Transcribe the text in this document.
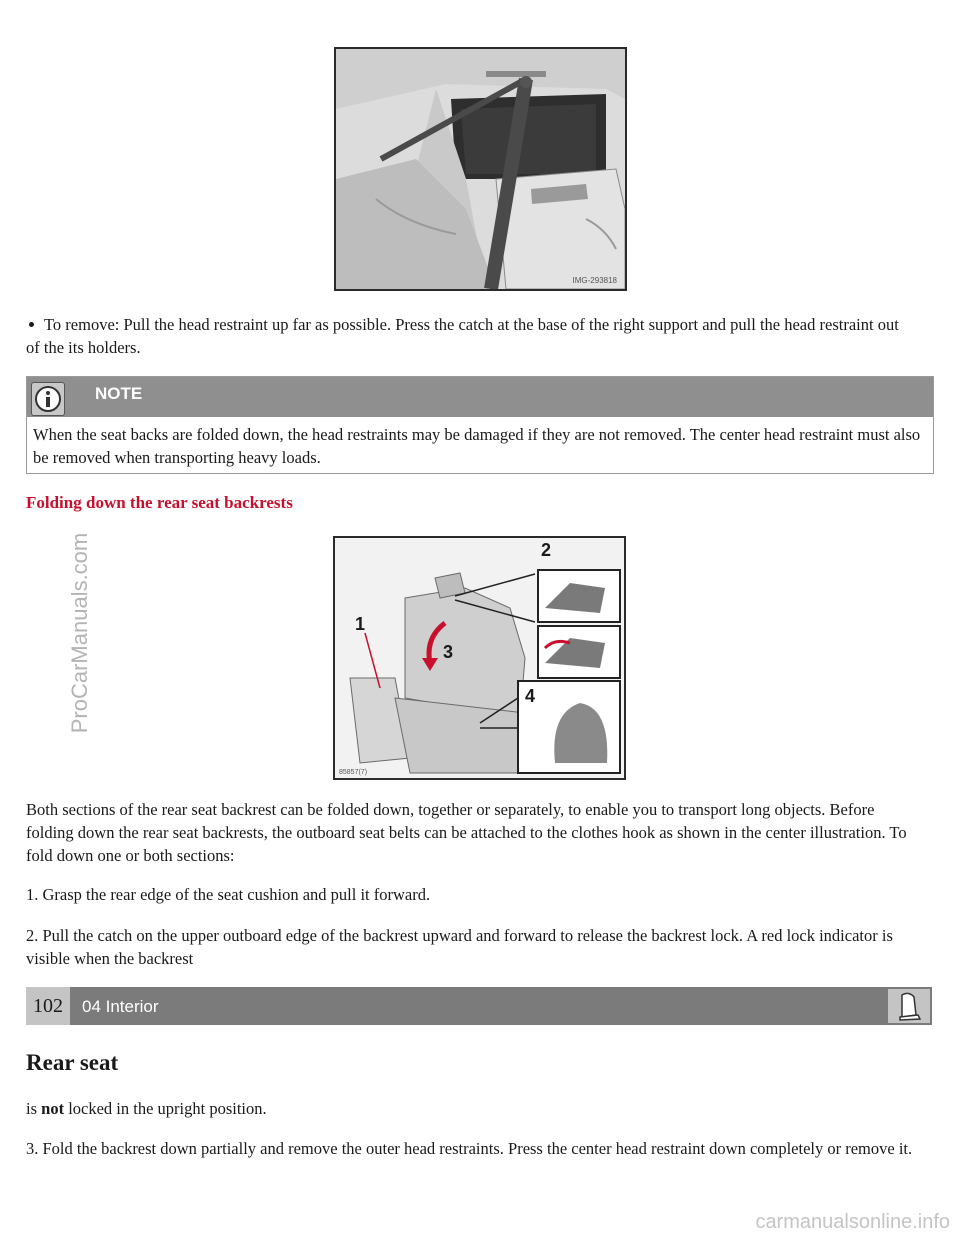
IMG-293818
To remove: Pull the head restraint up far as possible. Press the catch at the base of the right support and pull the head restraint out of the its holders.
NOTE
When the seat backs are folded down, the head restraints may be damaged if they are not removed. The center head restraint must also be removed when transporting heavy loads.
Folding down the rear seat backrests
1
2
3
4
85857(7)
Both sections of the rear seat backrest can be folded down, together or separately, to enable you to transport long objects. Before folding down the rear seat backrests, the outboard seat belts can be attached to the clothes hook as shown in the center illustration. To fold down one or both sections:
1. Grasp the rear edge of the seat cushion and pull it forward.
2. Pull the catch on the upper outboard edge of the backrest upward and forward to release the backrest lock. A red lock indicator is visible when the backrest
102	04 Interior
Rear seat
is not locked in the upright position.
3. Fold the backrest down partially and remove the outer head restraints. Press the center head restraint down completely or remove it.
ProCarManuals.com
carmanualsonline.info
